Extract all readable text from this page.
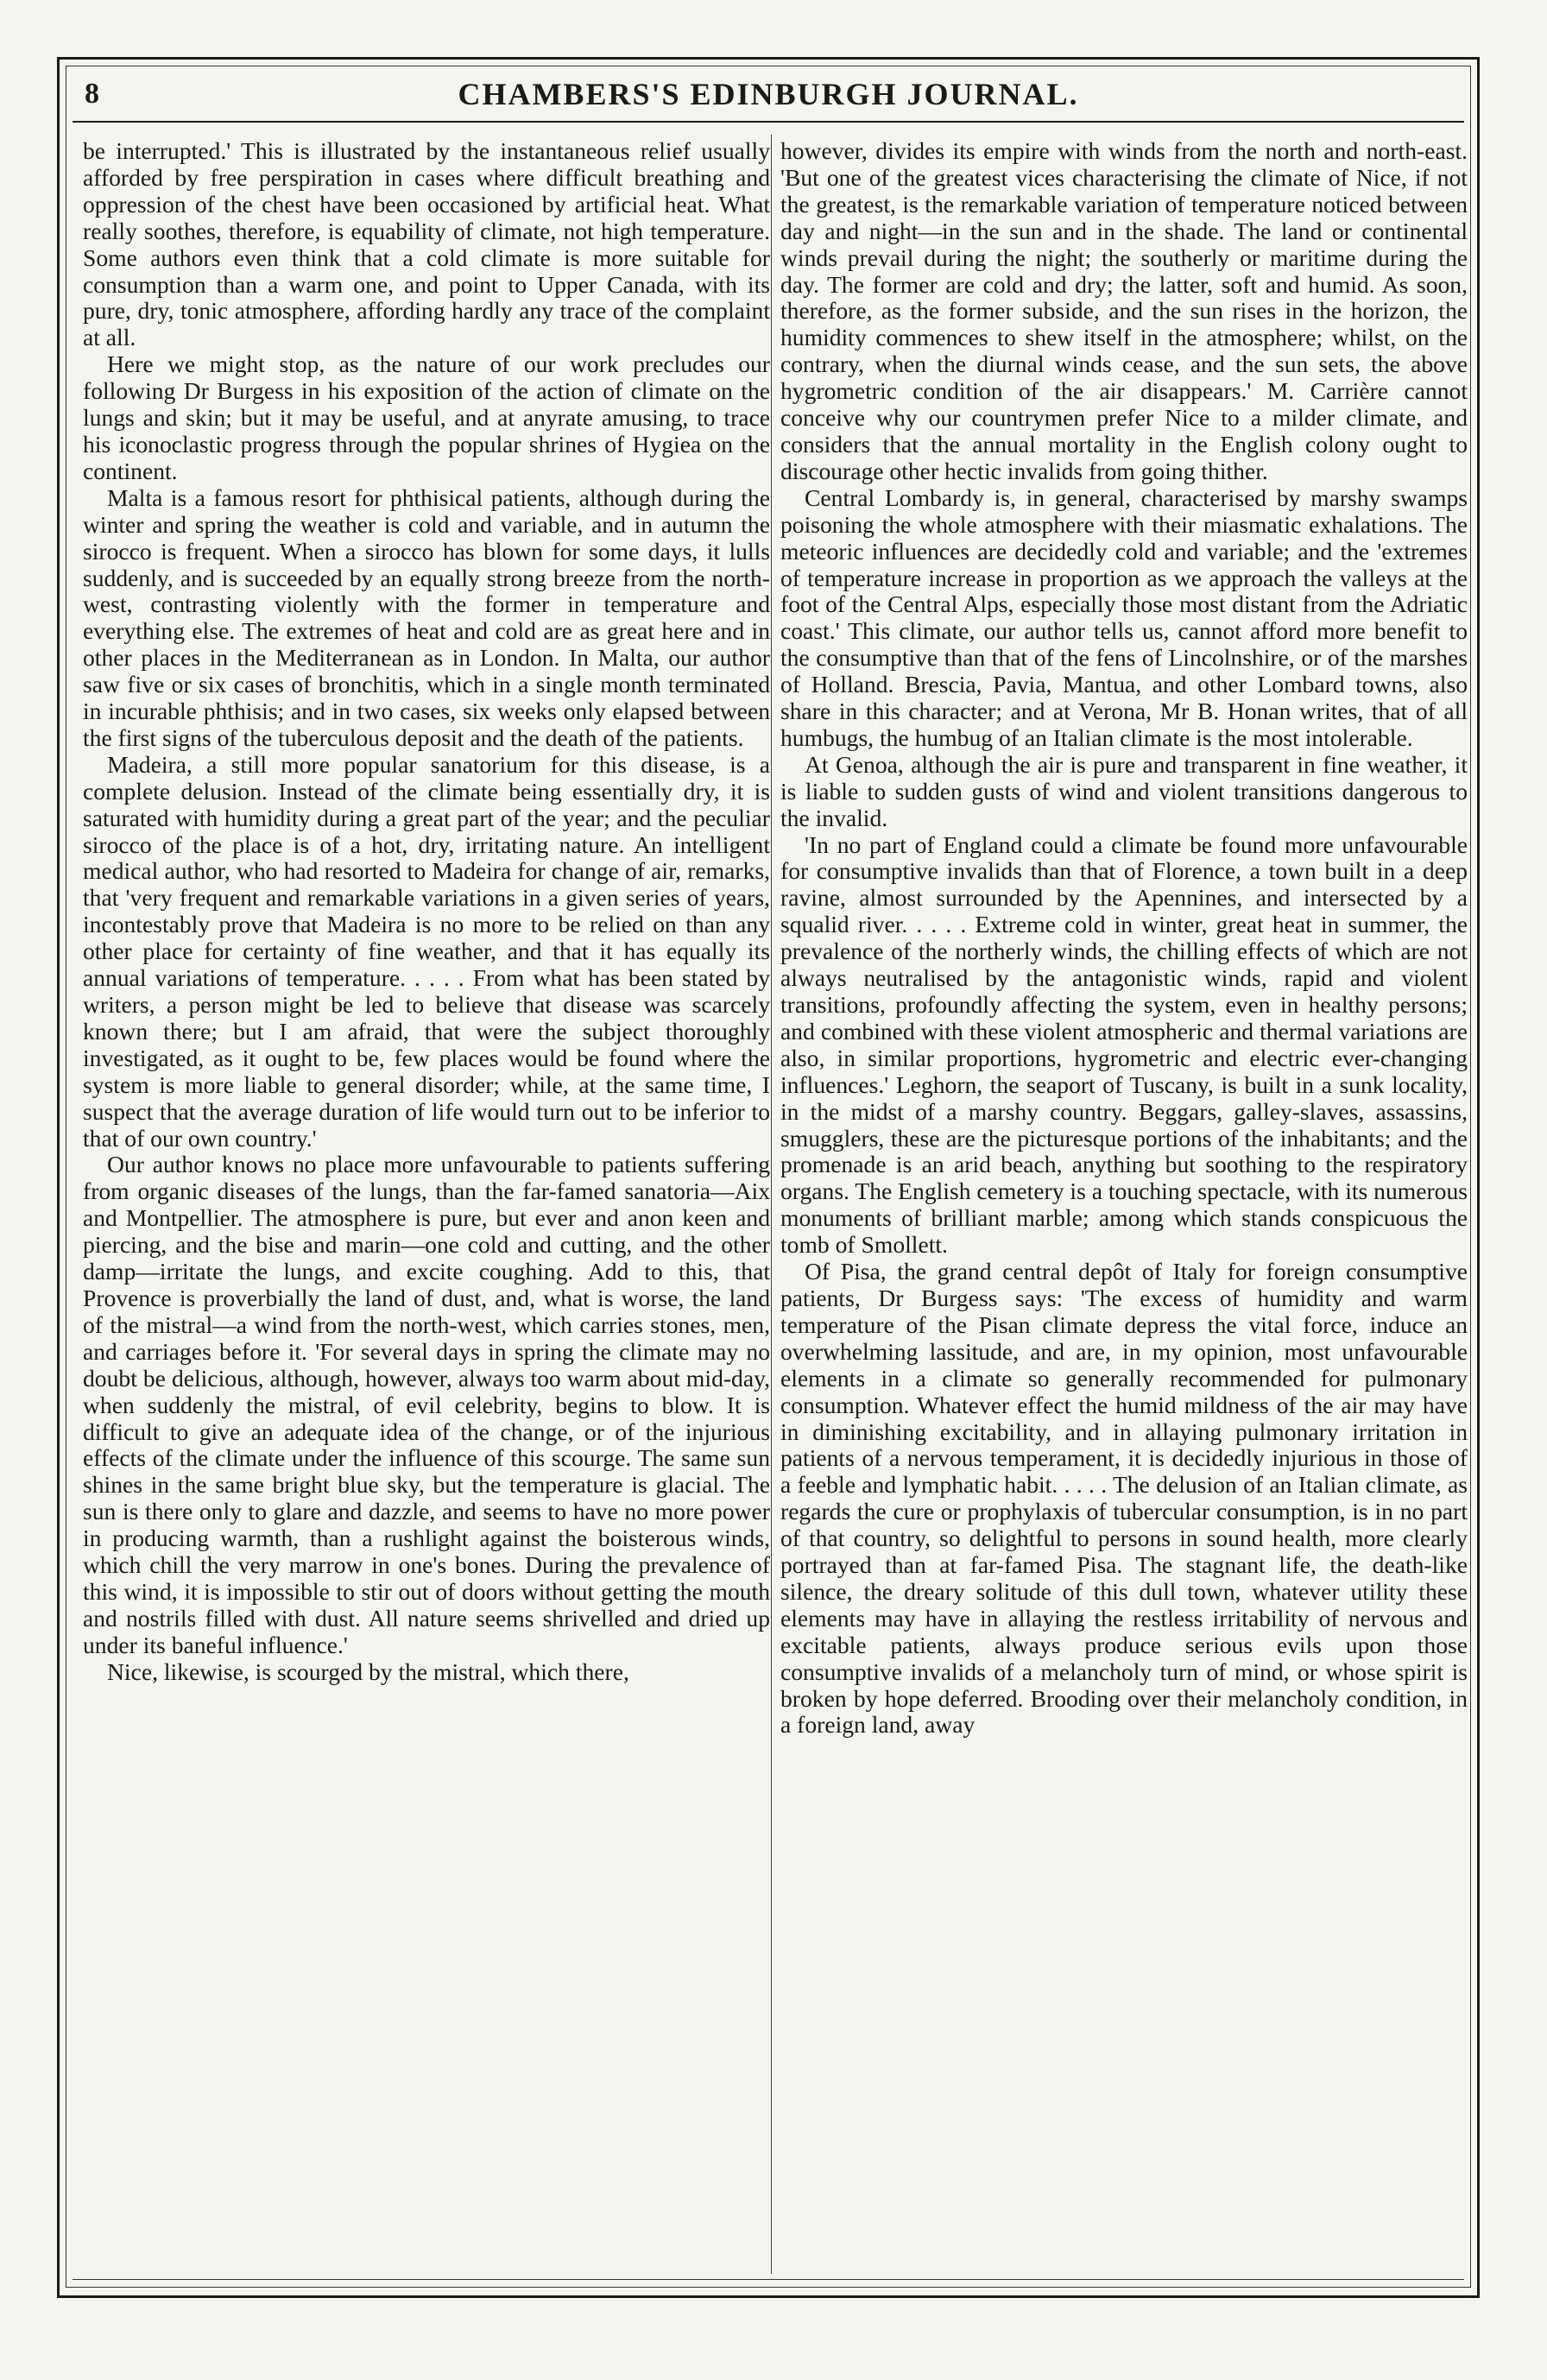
8	CHAMBERS'S EDINBURGH JOURNAL.

be interrupted.' This is illustrated by the instantaneous relief usually afforded by free perspiration in cases where difficult breathing and oppression of the chest have been occasioned by artificial heat. What really soothes, therefore, is equability of climate, not high temperature. Some authors even think that a cold climate is more suitable for consumption than a warm one, and point to Upper Canada, with its pure, dry, tonic atmosphere, affording hardly any trace of the complaint at all.

Here we might stop, as the nature of our work precludes our following Dr Burgess in his exposition of the action of climate on the lungs and skin; but it may be useful, and at anyrate amusing, to trace his iconoclastic progress through the popular shrines of Hygiea on the continent.

Malta is a famous resort for phthisical patients, although during the winter and spring the weather is cold and variable, and in autumn the sirocco is frequent. When a sirocco has blown for some days, it lulls suddenly, and is succeeded by an equally strong breeze from the north-west, contrasting violently with the former in temperature and everything else. The extremes of heat and cold are as great here and in other places in the Mediterranean as in London. In Malta, our author saw five or six cases of bronchitis, which in a single month terminated in incurable phthisis; and in two cases, six weeks only elapsed between the first signs of the tuberculous deposit and the death of the patients.

Madeira, a still more popular sanatorium for this disease, is a complete delusion. Instead of the climate being essentially dry, it is saturated with humidity during a great part of the year; and the peculiar sirocco of the place is of a hot, dry, irritating nature. An intelligent medical author, who had resorted to Madeira for change of air, remarks, that 'very frequent and remarkable variations in a given series of years, incontestably prove that Madeira is no more to be relied on than any other place for certainty of fine weather, and that it has equally its annual variations of temperature. . . . . From what has been stated by writers, a person might be led to believe that disease was scarcely known there; but I am afraid, that were the subject thoroughly investigated, as it ought to be, few places would be found where the system is more liable to general disorder; while, at the same time, I suspect that the average duration of life would turn out to be inferior to that of our own country.'

Our author knows no place more unfavourable to patients suffering from organic diseases of the lungs, than the far-famed sanatoria—Aix and Montpellier. The atmosphere is pure, but ever and anon keen and piercing, and the bise and marin—one cold and cutting, and the other damp—irritate the lungs, and excite coughing. Add to this, that Provence is proverbially the land of dust, and, what is worse, the land of the mistral—a wind from the north-west, which carries stones, men, and carriages before it. 'For several days in spring the climate may no doubt be delicious, although, however, always too warm about mid-day, when suddenly the mistral, of evil celebrity, begins to blow. It is difficult to give an adequate idea of the change, or of the injurious effects of the climate under the influence of this scourge. The same sun shines in the same bright blue sky, but the temperature is glacial. The sun is there only to glare and dazzle, and seems to have no more power in producing warmth, than a rushlight against the boisterous winds, which chill the very marrow in one's bones. During the prevalence of this wind, it is impossible to stir out of doors without getting the mouth and nostrils filled with dust. All nature seems shrivelled and dried up under its baneful influence.'

Nice, likewise, is scourged by the mistral, which there,

however, divides its empire with winds from the north and north-east. 'But one of the greatest vices characterising the climate of Nice, if not the greatest, is the remarkable variation of temperature noticed between day and night—in the sun and in the shade. The land or continental winds prevail during the night; the southerly or maritime during the day. The former are cold and dry; the latter, soft and humid. As soon, therefore, as the former subside, and the sun rises in the horizon, the humidity commences to shew itself in the atmosphere; whilst, on the contrary, when the diurnal winds cease, and the sun sets, the above hygrometric condition of the air disappears.' M. Carrière cannot conceive why our countrymen prefer Nice to a milder climate, and considers that the annual mortality in the English colony ought to discourage other hectic invalids from going thither.

Central Lombardy is, in general, characterised by marshy swamps poisoning the whole atmosphere with their miasmatic exhalations. The meteoric influences are decidedly cold and variable; and the 'extremes of temperature increase in proportion as we approach the valleys at the foot of the Central Alps, especially those most distant from the Adriatic coast.' This climate, our author tells us, cannot afford more benefit to the consumptive than that of the fens of Lincolnshire, or of the marshes of Holland. Brescia, Pavia, Mantua, and other Lombard towns, also share in this character; and at Verona, Mr B. Honan writes, that of all humbugs, the humbug of an Italian climate is the most intolerable.

At Genoa, although the air is pure and transparent in fine weather, it is liable to sudden gusts of wind and violent transitions dangerous to the invalid.

'In no part of England could a climate be found more unfavourable for consumptive invalids than that of Florence, a town built in a deep ravine, almost surrounded by the Apennines, and intersected by a squalid river. . . . . Extreme cold in winter, great heat in summer, the prevalence of the northerly winds, the chilling effects of which are not always neutralised by the antagonistic winds, rapid and violent transitions, profoundly affecting the system, even in healthy persons; and combined with these violent atmospheric and thermal variations are also, in similar proportions, hygrometric and electric ever-changing influences.' Leghorn, the seaport of Tuscany, is built in a sunk locality, in the midst of a marshy country. Beggars, galley-slaves, assassins, smugglers, these are the picturesque portions of the inhabitants; and the promenade is an arid beach, anything but soothing to the respiratory organs. The English cemetery is a touching spectacle, with its numerous monuments of brilliant marble; among which stands conspicuous the tomb of Smollett.

Of Pisa, the grand central depôt of Italy for foreign consumptive patients, Dr Burgess says: 'The excess of humidity and warm temperature of the Pisan climate depress the vital force, induce an overwhelming lassitude, and are, in my opinion, most unfavourable elements in a climate so generally recommended for pulmonary consumption. Whatever effect the humid mildness of the air may have in diminishing excitability, and in allaying pulmonary irritation in patients of a nervous temperament, it is decidedly injurious in those of a feeble and lymphatic habit. . . . . The delusion of an Italian climate, as regards the cure or prophylaxis of tubercular consumption, is in no part of that country, so delightful to persons in sound health, more clearly portrayed than at far-famed Pisa. The stagnant life, the death-like silence, the dreary solitude of this dull town, whatever utility these elements may have in allaying the restless irritability of nervous and excitable patients, always produce serious evils upon those consumptive invalids of a melancholy turn of mind, or whose spirit is broken by hope deferred. Brooding over their melancholy condition, in a foreign land, away
